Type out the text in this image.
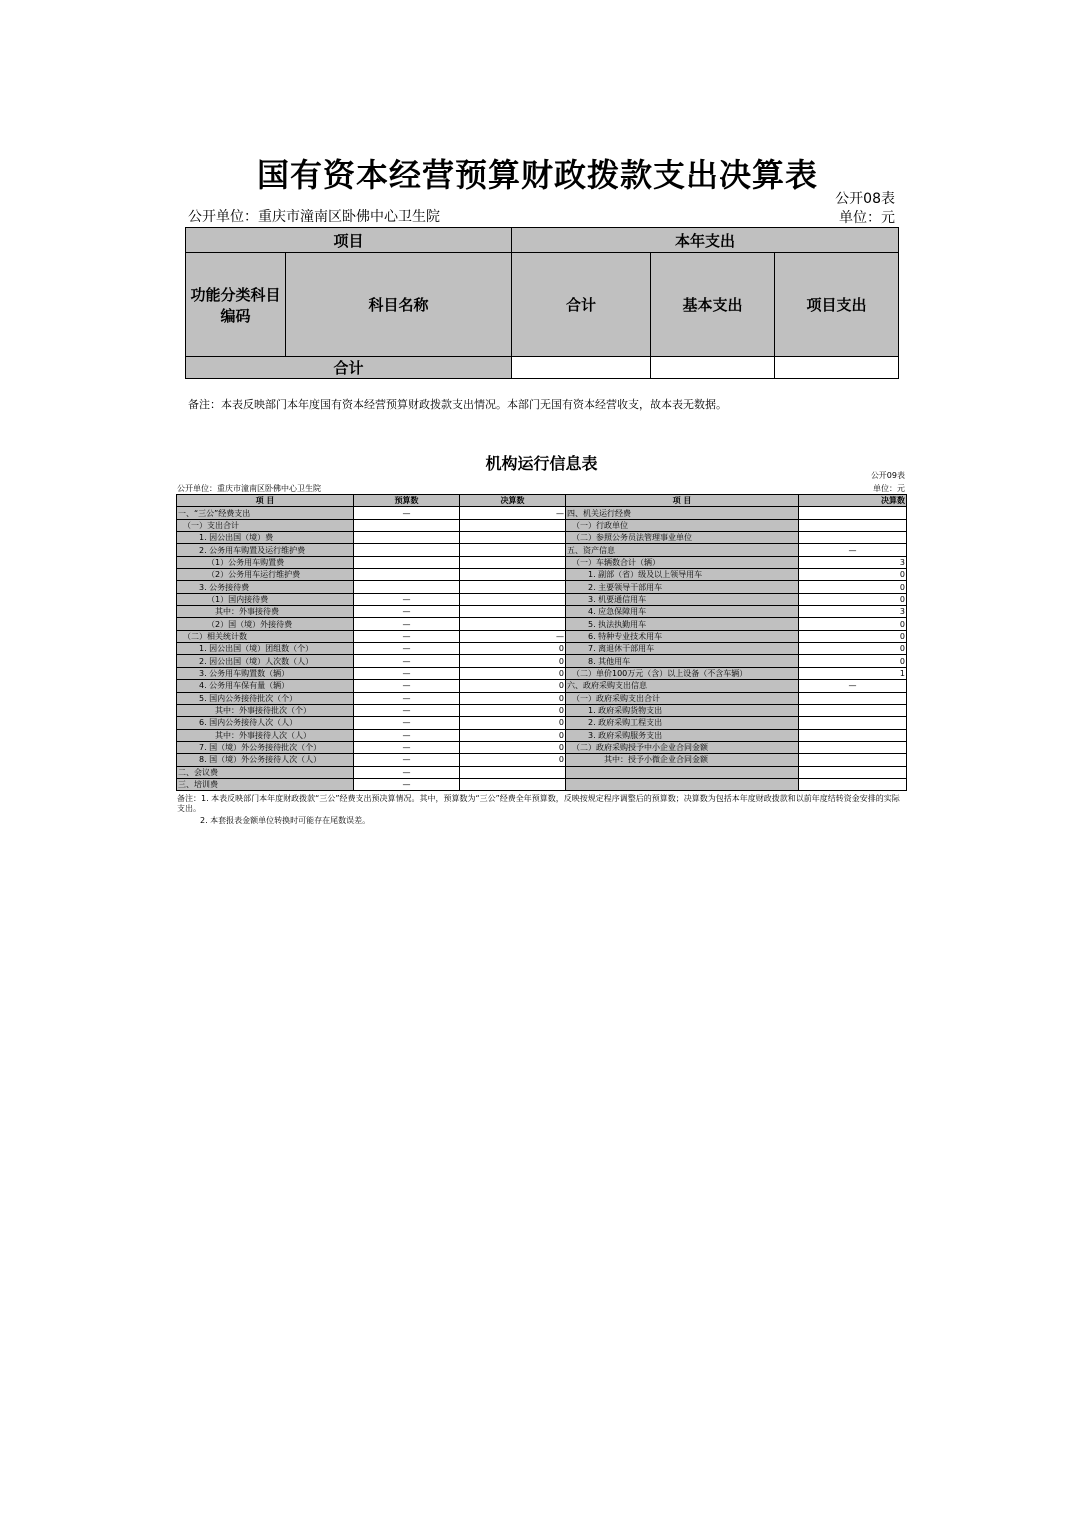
国有资本经营预算财政拨款支出决算表
公开08表
公开单位：重庆市潼南区卧佛中心卫生院	单位：元
项目		本年支出		
功能分类科目编码	科目名称	合计	基本支出	项目支出
合计				
备注：本表反映部门本年度国有资本经营预算财政拨款支出情况。本部门无国有资本经营收支，故本表无数据。
机构运行信息表
公开09表
公开单位：重庆市潼南区卧佛中心卫生院	单位：元
项 目	预算数	决算数	项 目	决算数
一、“三公”经费支出	—	—	四、机关运行经费	
（一）支出合计			（一）行政单位	
1. 因公出国（境）费			（二）参照公务员法管理事业单位	
2. 公务用车购置及运行维护费			五、资产信息	—
（1）公务用车购置费			（一）车辆数合计（辆）	3
（2）公务用车运行维护费			1. 副部（省）级及以上领导用车	0
3. 公务接待费			2. 主要领导干部用车	0
（1）国内接待费	—		3. 机要通信用车	0
其中：外事接待费	—		4. 应急保障用车	3
（2）国（境）外接待费	—		5. 执法执勤用车	0
（二）相关统计数	—	—	6. 特种专业技术用车	0
1. 因公出国（境）团组数（个）	—	0	7. 离退休干部用车	0
2. 因公出国（境）人次数（人）	—	0	8. 其他用车	0
3. 公务用车购置数（辆）	—	0	（二）单价100万元（含）以上设备（不含车辆）	1
4. 公务用车保有量（辆）	—	0	六、政府采购支出信息	—
5. 国内公务接待批次（个）	—	0	（一）政府采购支出合计	
其中：外事接待批次（个）	—	0	1. 政府采购货物支出	
6. 国内公务接待人次（人）	—	0	2. 政府采购工程支出	
其中：外事接待人次（人）	—	0	3. 政府采购服务支出	
7. 国（境）外公务接待批次（个）	—	0	（二）政府采购授予中小企业合同金额	
8. 国（境）外公务接待人次（人）	—	0	其中：授予小微企业合同金额	
二、会议费	—			
三、培训费	—			
备注：1. 本表反映部门本年度财政拨款“三公”经费支出预决算情况。其中，预算数为“三公”经费全年预算数，反映按规定程序调整后的预算数；决算数为包括本年度财政拨款和以前年度结转资金安排的实际支出。
2. 本套报表金额单位转换时可能存在尾数误差。
